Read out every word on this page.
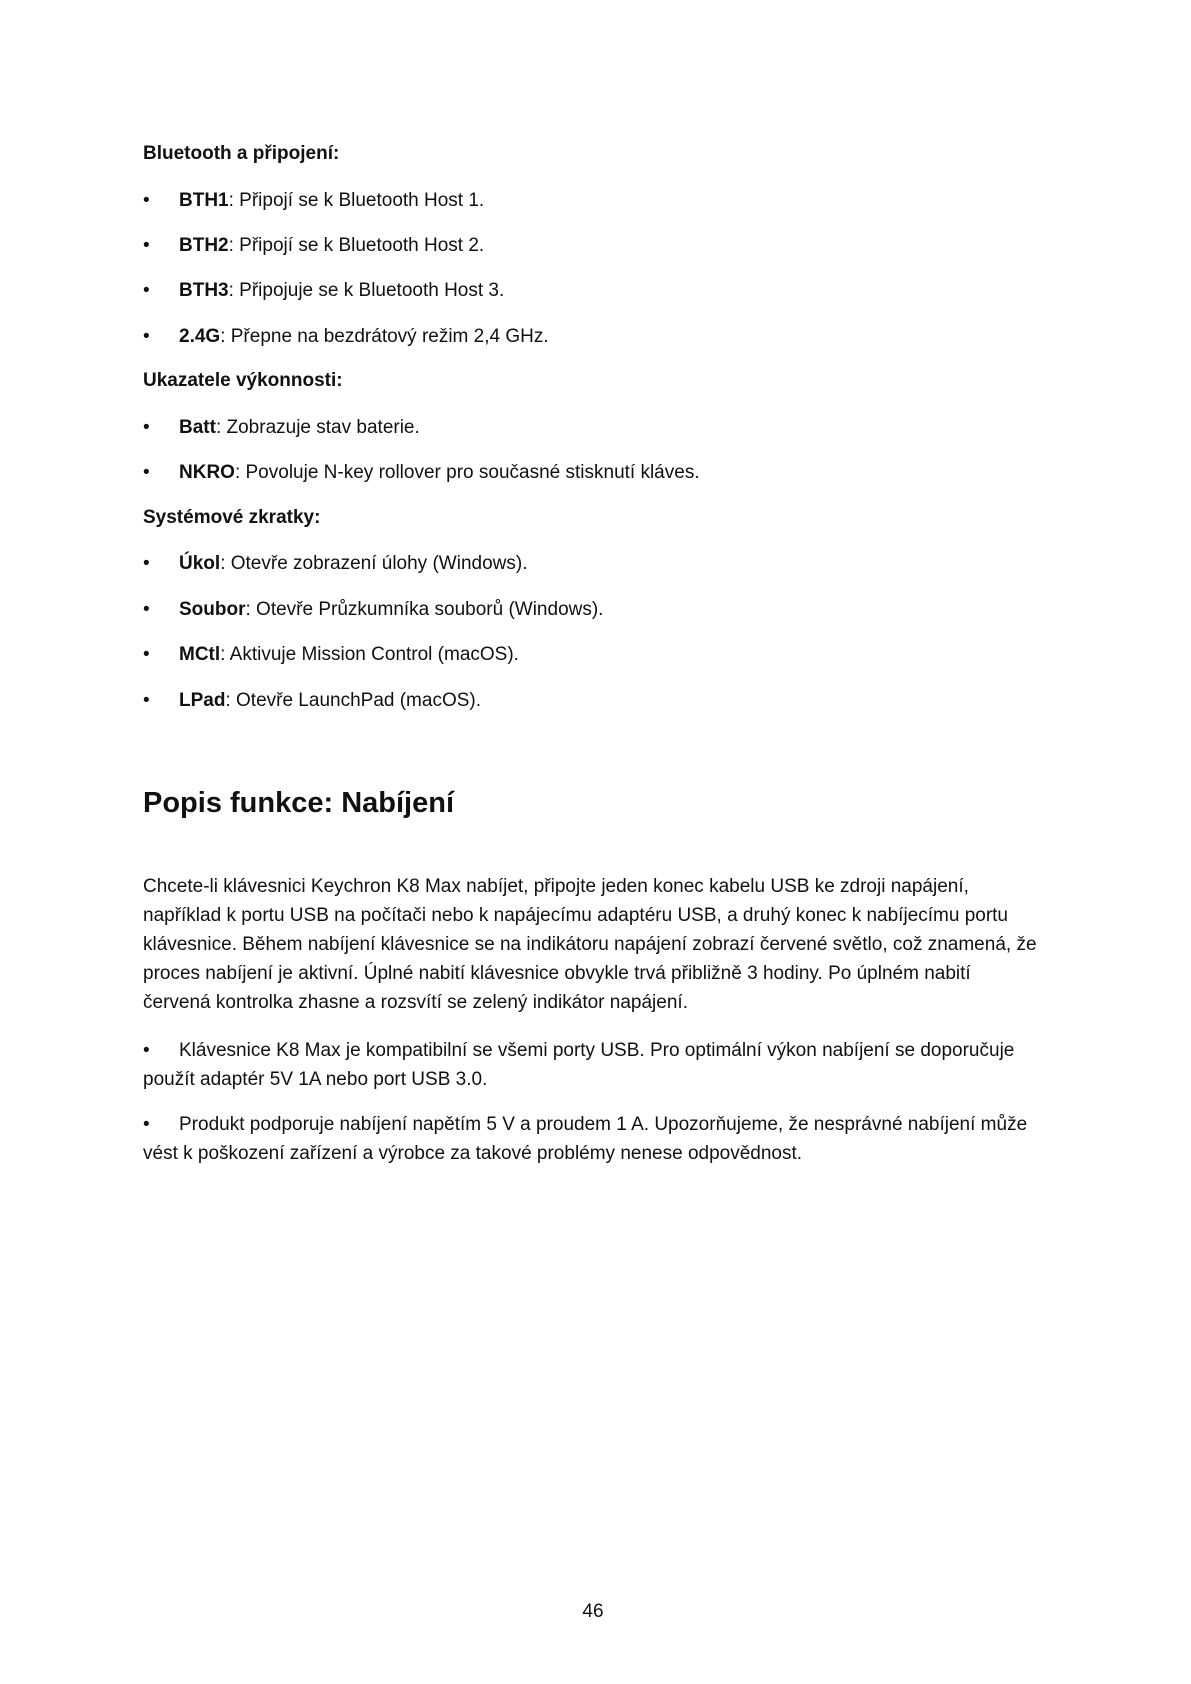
Bluetooth a připojení:
•	BTH1: Připojí se k Bluetooth Host 1.
•	BTH2: Připojí se k Bluetooth Host 2.
•	BTH3: Připojuje se k Bluetooth Host 3.
•	2.4G: Přepne na bezdrátový režim 2,4 GHz.
Ukazatele výkonnosti:
•	Batt: Zobrazuje stav baterie.
•	NKRO: Povoluje N-key rollover pro současné stisknutí kláves.
Systémové zkratky:
•	Úkol: Otevře zobrazení úlohy (Windows).
•	Soubor: Otevře Průzkumníka souborů (Windows).
•	MCtl: Aktivuje Mission Control (macOS).
•	LPad: Otevře LaunchPad (macOS).
Popis funkce: Nabíjení

Chcete-li klávesnici Keychron K8 Max nabíjet, připojte jeden konec kabelu USB ke zdroji napájení, například k portu USB na počítači nebo k napájecímu adaptéru USB, a druhý konec k nabíjecímu portu klávesnice. Během nabíjení klávesnice se na indikátoru napájení zobrazí červené světlo, což znamená, že proces nabíjení je aktivní. Úplné nabití klávesnice obvykle trvá přibližně 3 hodiny. Po úplném nabití červená kontrolka zhasne a rozsvítí se zelený indikátor napájení.

• Klávesnice K8 Max je kompatibilní se všemi porty USB. Pro optimální výkon nabíjení se doporučuje použít adaptér 5V 1A nebo port USB 3.0.

• Produkt podporuje nabíjení napětím 5 V a proudem 1 A. Upozorňujeme, že nesprávné nabíjení může vést k poškození zařízení a výrobce za takové problémy nenese odpovědnost.

46
